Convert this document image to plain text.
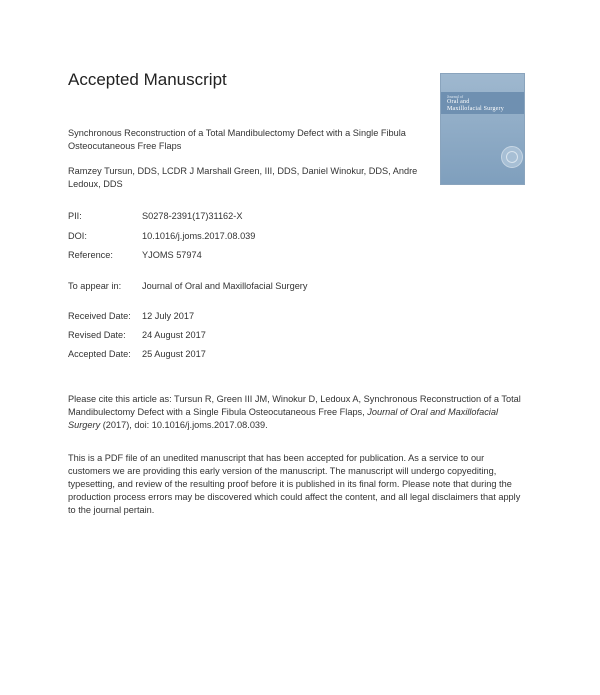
Accepted Manuscript
Journal of
Oral and
Maxillofacial Surgery
Synchronous Reconstruction of a Total Mandibulectomy Defect with a Single Fibula Osteocutaneous Free Flaps
Ramzey Tursun, DDS, LCDR J Marshall Green, III, DDS, Daniel Winokur, DDS, Andre Ledoux, DDS
PII:	S0278-2391(17)31162-X
DOI:	10.1016/j.joms.2017.08.039
Reference:	YJOMS 57974
To appear in: Journal of Oral and Maxillofacial Surgery
Received Date: 12 July 2017
Revised Date: 24 August 2017
Accepted Date: 25 August 2017
Please cite this article as: Tursun R, Green III JM, Winokur D, Ledoux A, Synchronous Reconstruction of a Total Mandibulectomy Defect with a Single Fibula Osteocutaneous Free Flaps, Journal of Oral and Maxillofacial Surgery (2017), doi: 10.1016/j.joms.2017.08.039.
This is a PDF file of an unedited manuscript that has been accepted for publication. As a service to our customers we are providing this early version of the manuscript. The manuscript will undergo copyediting, typesetting, and review of the resulting proof before it is published in its final form. Please note that during the production process errors may be discovered which could affect the content, and all legal disclaimers that apply to the journal pertain.
